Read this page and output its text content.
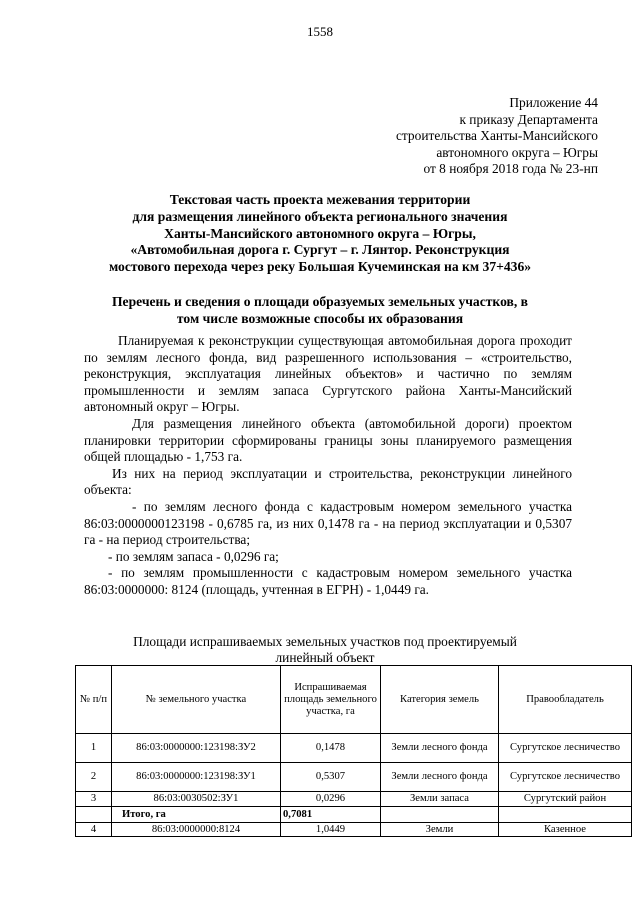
1558
Приложение 44
к приказу Департамента
строительства Ханты-Мансийского
автономного округа – Югры
от 8 ноября 2018 года № 23-нп
Текстовая часть проекта межевания территории
для размещения линейного объекта регионального значения
Ханты-Мансийского автономного округа – Югры,
«Автомобильная дорога г. Сургут – г. Лянтор. Реконструкция
мостового перехода через реку Большая Кучеминская на км 37+436»
Перечень и сведения о площади образуемых земельных участков, в
том числе возможные способы их образования

Планируемая к реконструкции существующая автомобильная дорога проходит по землям лесного фонда, вид разрешенного использования – «строительство, реконструкция, эксплуатация линейных объектов» и частично по землям промышленности и землям запаса Сургутского района Ханты-Мансийский автономный округ – Югры.

Для размещения линейного объекта (автомобильной дороги) проектом планировки территории сформированы границы зоны планируемого размещения общей площадью - 1,753 га.

Из них на период эксплуатации и строительства, реконструкции линейного объекта:

- по землям лесного фонда с кадастровым номером земельного участка 86:03:0000000123198 - 0,6785 га, из них 0,1478 га - на период эксплуатации и 0,5307 га - на период строительства;

- по землям запаса - 0,0296 га;

- по землям промышленности с кадастровым номером земельного участка 86:03:0000000: 8124 (площадь, учтенная в ЕГРН) - 1,0449 га.

Площади испрашиваемых земельных участков под проектируемый
линейный объект
№ п/п	№ земельного участка	Испрашиваемая площадь земельного участка, га	Категория земель	Правообладатель
1	86:03:0000000:123198:ЗУ2	0,1478	Земли лесного фонда	Сургутское лесничество
2	86:03:0000000:123198:ЗУ1	0,5307	Земли лесного фонда	Сургутское лесничество
3	86:03:0030502:ЗУ1	0,0296	Земли запаса	Сургутский район
	Итого, га	0,7081		
4	86:03:0000000:8124	1,0449	Земли	Казенное
